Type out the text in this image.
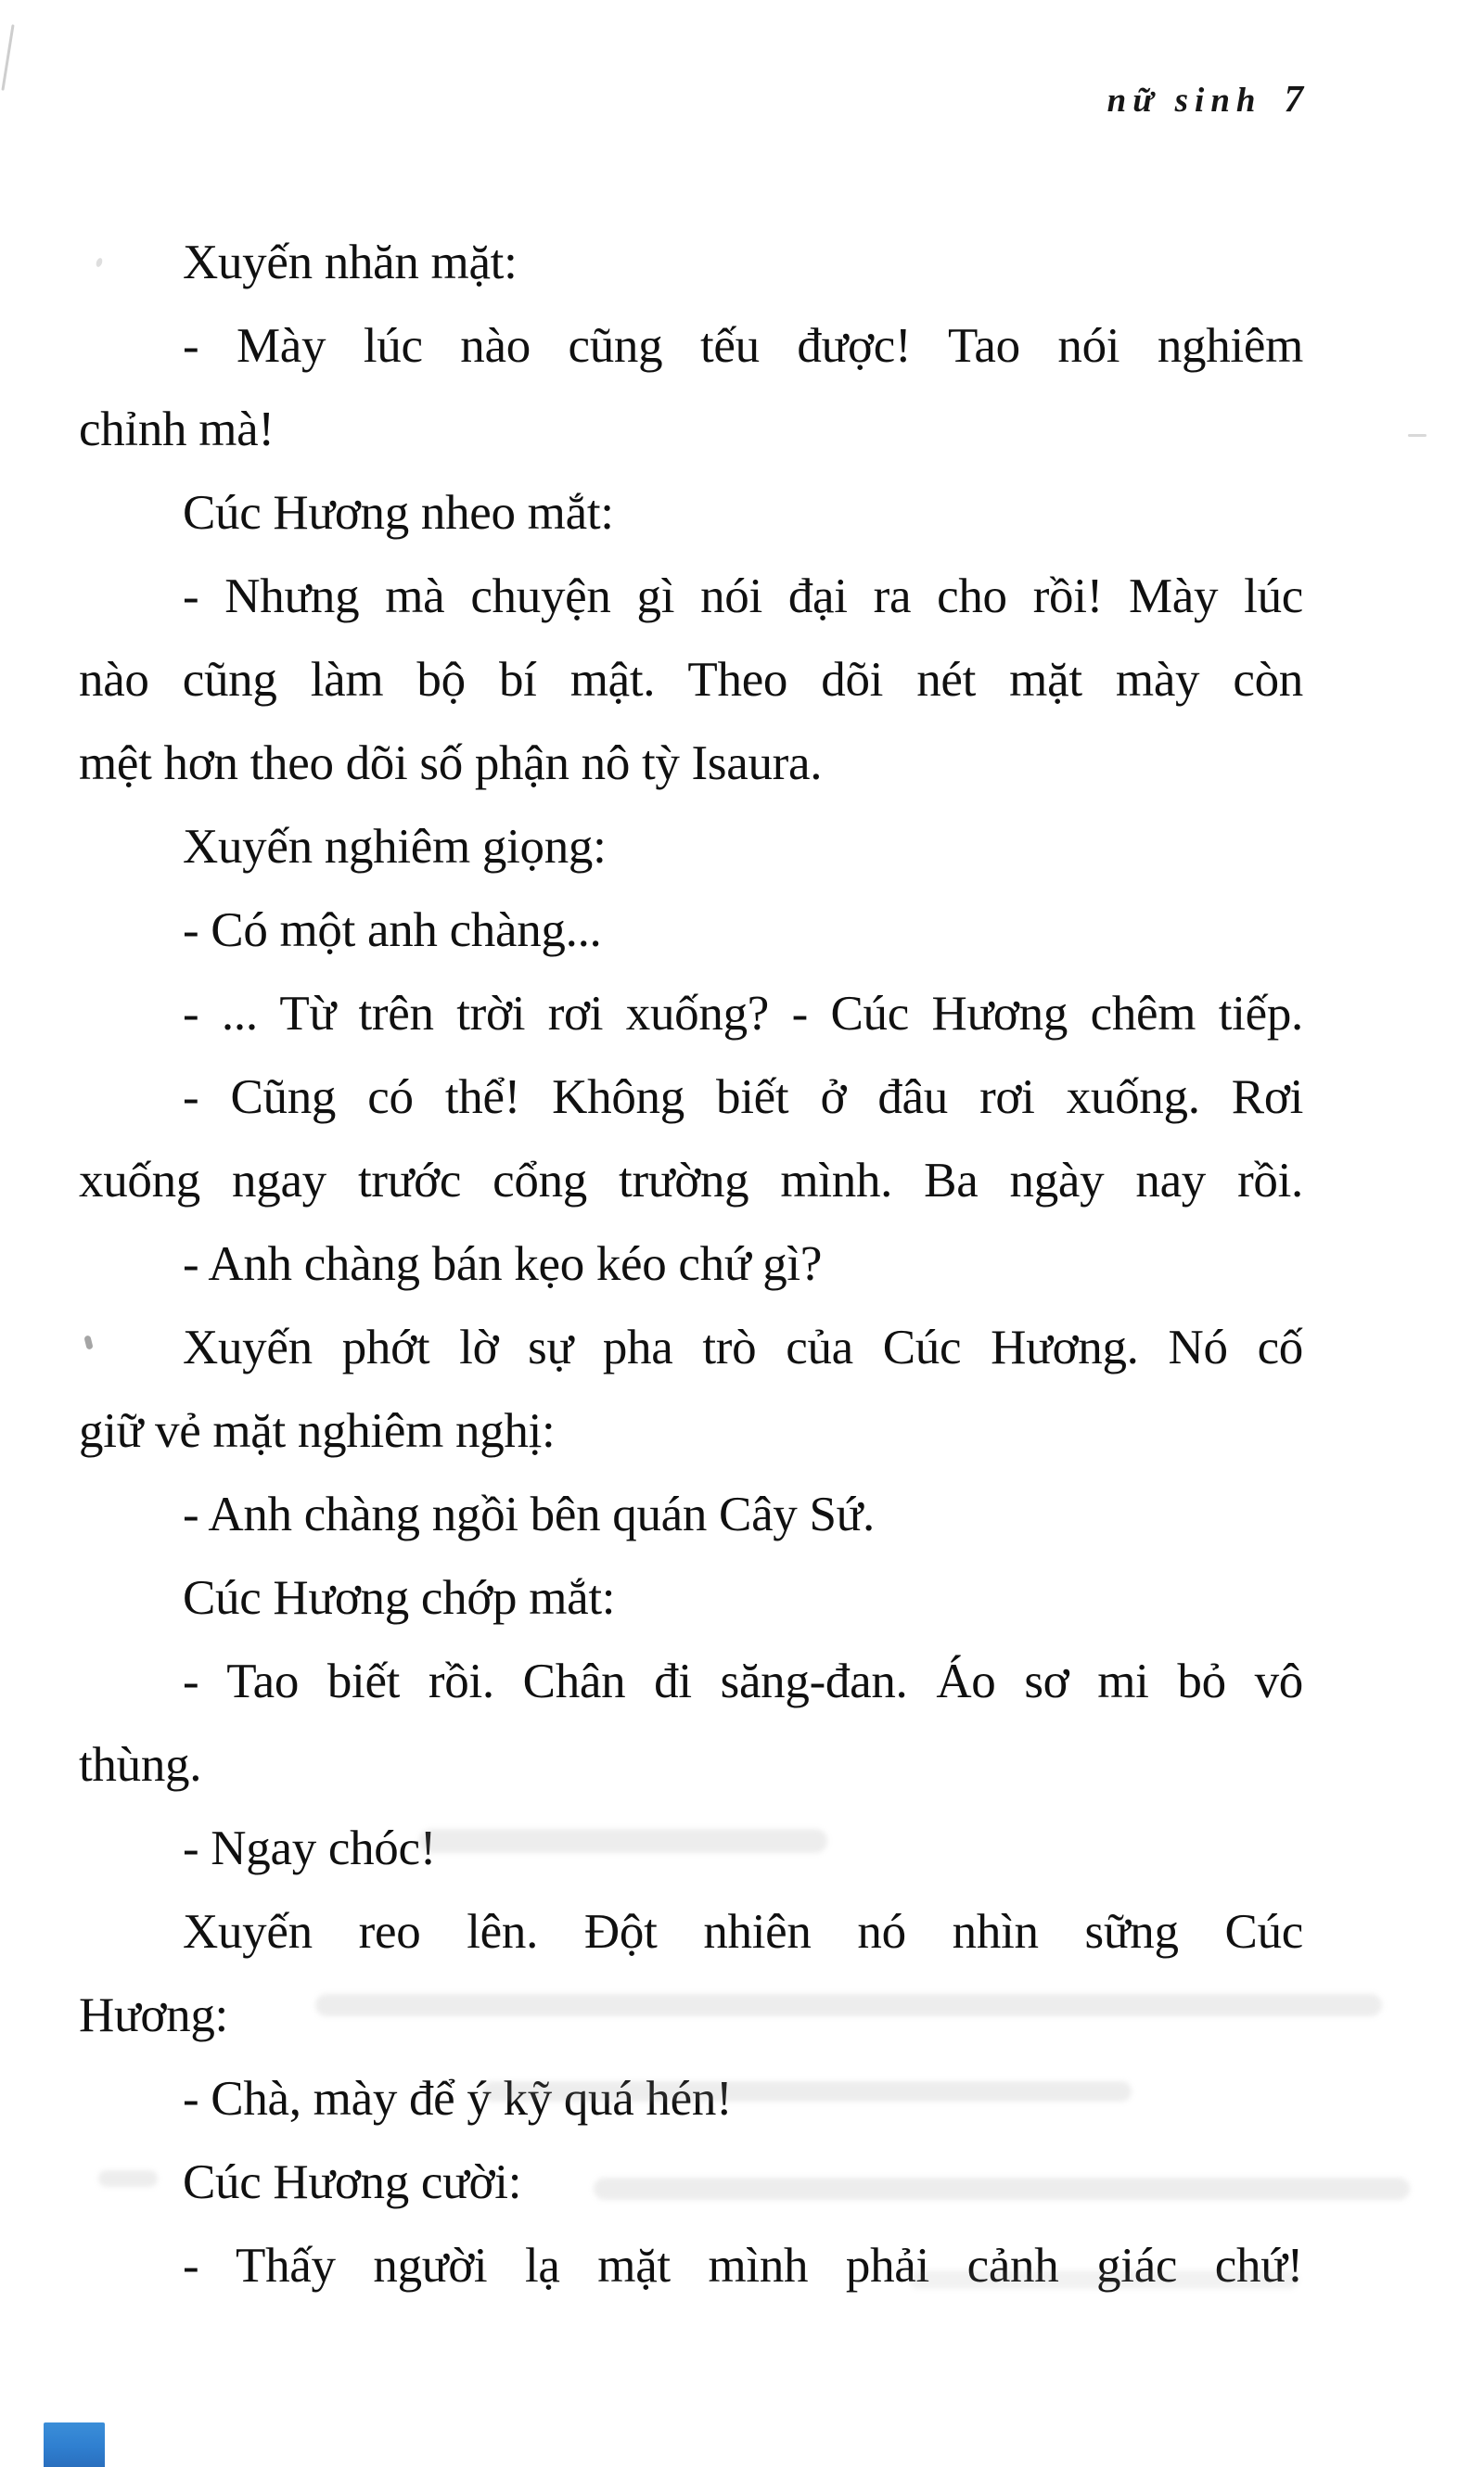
nữ sinh 7
Xuyến nhăn mặt:
- Mày lúc nào cũng tếu được! Tao nói nghiêm
chỉnh mà!
Cúc Hương nheo mắt:
- Nhưng mà chuyện gì nói đại ra cho rồi! Mày lúc
nào cũng làm bộ bí mật. Theo dõi nét mặt mày còn
mệt hơn theo dõi số phận nô tỳ Isaura.
Xuyến nghiêm giọng:
- Có một anh chàng...
- ... Từ trên trời rơi xuống? - Cúc Hương chêm tiếp.
- Cũng có thể! Không biết ở đâu rơi xuống. Rơi
xuống ngay trước cổng trường mình. Ba ngày nay rồi.
- Anh chàng bán kẹo kéo chứ gì?
Xuyến phớt lờ sự pha trò của Cúc Hương. Nó cố
giữ vẻ mặt nghiêm nghị:
- Anh chàng ngồi bên quán Cây Sứ.
Cúc Hương chớp mắt:
- Tao biết rồi. Chân đi săng-đan. Áo sơ mi bỏ vô
thùng.
- Ngay chóc!
Xuyến reo lên. Đột nhiên nó nhìn sững Cúc
Hương:
- Chà, mày để ý kỹ quá hén!
Cúc Hương cười:
- Thấy người lạ mặt mình phải cảnh giác chứ!
